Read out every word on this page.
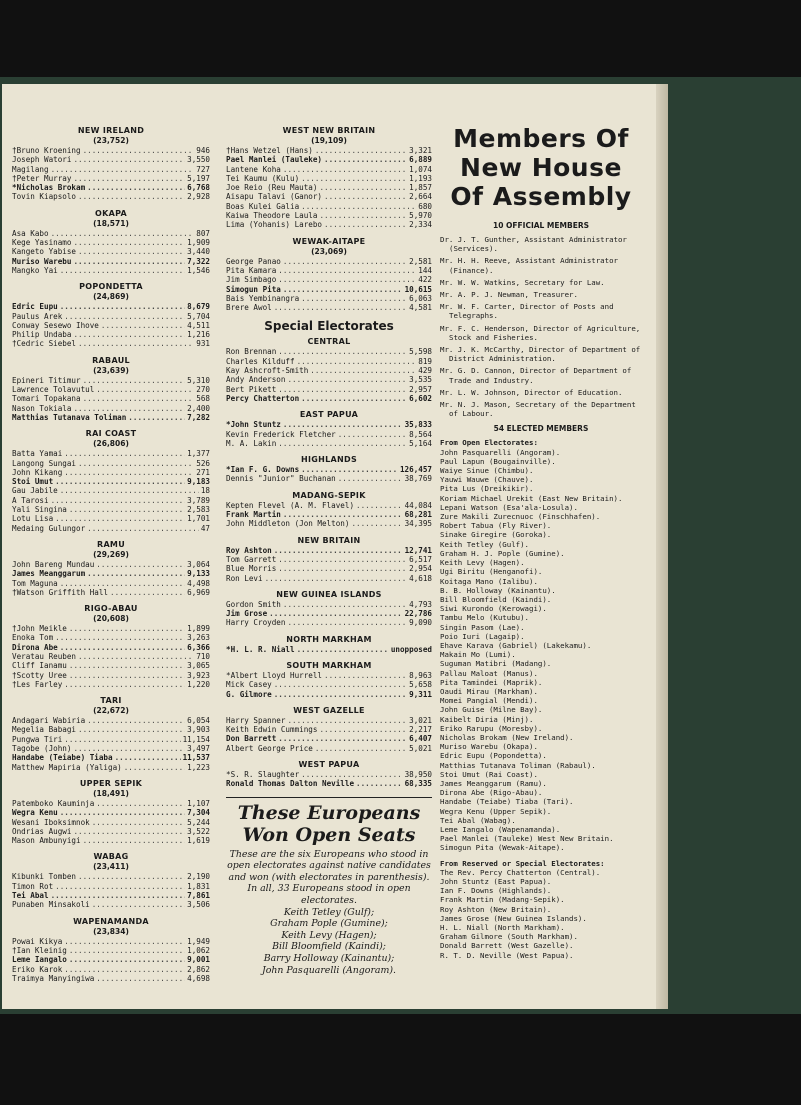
NEW IRELAND
(23,752)
†Bruno Kroening .....	946
Joseph Watori .....	3,550
Magilang .....	727
†Peter Murray .....	5,197
*Nicholas Brokam .....	6,768
Tovin Kiapsolo .....	2,928
OKAPA
(18,571)
Asa Kabo .....	807
Kege Yasinamo .....	1,909
Kangeto Yabise .....	3,440
Muriso Warebu .....	7,322
Mangko Yai .....	1,546
POPONDETTA
(24,869)
Edric Eupu .....	8,679
Paulus Arek .....	5,704
Conway Sesewo Ihove .....	4,511
Philip Undaba .....	1,216
†Cedric Siebel .....	931
RABAUL
(23,639)
Epineri Titimur .....	5,310
Lawrence Tolavutul .....	270
Tomari Topakana .....	568
Nason Tokiala .....	2,400
Matthias Tutanava Toliman .....	7,282
RAI COAST
(26,806)
Batta Yamai .....	1,377
Langong Sungai .....	526
John Kikang .....	271
Stoi Umut .....	9,183
Gau Jabile .....	18
A Tarosi .....	3,789
Yali Singina .....	2,583
Lotu Lisa .....	1,701
Medaing Gulungor .....	47
RAMU
(29,269)
John Bareng Mundau .....	3,064
James Meanggarum .....	9,133
Tom Maguna .....	4,498
†Watson Griffith Hall .....	6,969
RIGO-ABAU
(20,608)
†John Meikle .....	1,899
Enoka Tom .....	3,263
Dirona Abe .....	6,366
Veratau Reuben .....	710
Cliff Ianamu .....	3,065
†Scotty Uree .....	3,923
†Les Farley .....	1,220
TARI
(22,672)
Andagari Wabiria .....	6,054
Megelia Babagi .....	3,903
Pungwa Tiri .....	11,154
Tagobe (John) .....	3,497
Handabe (Teiabe) Tiaba .....	11,537
Matthew Mapiria (Yaliga) .....	1,223
UPPER SEPIK
(18,491)
Patemboko Kauminja .....	1,107
Wegra Kenu .....	7,304
Wesani Iboksimnok .....	5,244
Ondrias Augwi .....	3,522
Mason Ambunyigi .....	1,619
WABAG
(23,411)
Kibunki Tomben .....	2,190
Timon Rot .....	1,831
Tei Abal .....	7,861
Punaben Minsakoli .....	3,506
WAPENAMANDA
(23,834)
Powai Kikya .....	1,949
†Ian Kleinig .....	1,062
Leme Iangalo .....	9,001
Eriko Karok .....	2,862
Traimya Manyingiwa .....	4,698
WEST NEW BRITAIN
(19,109)
†Hans Wetzel (Hans) .....	3,321
Pael Manlei (Tauleke) .....	6,889
Lantene Koha .....	1,074
Tei Kaumu (Kulu) .....	1,193
Joe Reio (Reu Mauta) .....	1,857
Aisapu Talavi (Ganor) .....	2,664
Boas Kulei Galia .....	680
Kaiwa Theodore Laula .....	5,970
Lima (Yohanis) Larebo .....	2,334
WEWAK-AITAPE
(23,069)
George Panao .....	2,581
Pita Kamara .....	144
Jim Simbago .....	422
Simogun Pita .....	10,615
Bais Yembinangra .....	6,063
Brere Awol .....	4,581
Special Electorates
CENTRAL
Ron Brennan .....	5,598
Charles Kilduff .....	819
Kay Ashcroft-Smith .....	429
Andy Anderson .....	3,535
Bert Pikett .....	2,957
Percy Chatterton .....	6,602
EAST PAPUA
*John Stuntz .....	35,833
Kevin Frederick Fletcher .....	8,564
M. A. Lakin .....	5,164
HIGHLANDS
*Ian F. G. Downs .....	126,457
Dennis "Junior" Buchanan .....	38,769
MADANG-SEPIK
Kepten Flevel (A. M. Flavel) .....	44,084
Frank Martin .....	68,281
John Middleton (Jon Melton) .....	34,395
NEW BRITAIN
Roy Ashton .....	12,741
Tom Garrett .....	6,517
Blue Morris .....	2,954
Ron Levi .....	4,618
NEW GUINEA ISLANDS
Gordon Smith .....	4,793
Jim Grose .....	22,786
Harry Croyden .....	9,090
NORTH MARKHAM
*H. L. R. Niall .....	unopposed
SOUTH MARKHAM
*Albert Lloyd Hurrell .....	8,963
Mick Casey .....	5,658
G. Gilmore .....	9,311
WEST GAZELLE
Harry Spanner .....	3,021
Keith Edwin Cummings .....	2,217
Don Barrett .....	6,407
Albert George Price .....	5,021
WEST PAPUA
*S. R. Slaughter .....	38,950
Ronald Thomas Dalton Neville .....	68,335
These Europeans Won Open Seats
These are the six Europeans who stood in open electorates against native candidates and won (with electorates in parenthesis). In all, 33 Europeans stood in open electorates.
Keith Tetley (Gulf);
Graham Pople (Gumine);
Keith Levy (Hagen);
Bill Bloomfield (Kaindi);
Barry Holloway (Kainantu);
John Pasquarelli (Angoram).
Members Of New House Of Assembly
10 OFFICIAL MEMBERS
Dr. J. T. Gunther, Assistant Administrator (Services).
Mr. H. H. Reeve, Assistant Administrator (Finance).
Mr. W. W. Watkins, Secretary for Law.
Mr. A. P. J. Newman, Treasurer.
Mr. W. F. Carter, Director of Posts and Telegraphs.
Mr. F. C. Henderson, Director of Agriculture, Stock and Fisheries.
Mr. J. K. McCarthy, Director of Department of District Administration.
Mr. G. D. Cannon, Director of Department of Trade and Industry.
Mr. L. W. Johnson, Director of Education.
Mr. N. J. Mason, Secretary of the Department of Labour.
54 ELECTED MEMBERS
From Open Electorates:
John Pasquarelli (Angoram).
Paul Lapun (Bougainville).
Waiye Sinue (Chimbu).
Yauwi Wauwe (Chauve).
Pita Lus (Dreikikir).
Koriam Michael Urekit (East New Britain).
Lepani Watson (Esa'ala-Losula).
Zure Makili Zurecnuoc (Finschhafen).
Robert Tabua (Fly River).
Sinake Giregire (Goroka).
Keith Tetley (Gulf).
Graham H. J. Pople (Gumine).
Keith Levy (Hagen).
Ugi Biritu (Henganofi).
Koitaga Mano (Ialibu).
B. B. Holloway (Kainantu).
Bill Bloomfield (Kaindi).
Siwi Kurondo (Kerowagi).
Tambu Melo (Kutubu).
Singin Pasom (Lae).
Poio Iuri (Lagaip).
Ehave Karava (Gabriel) (Lakekamu).
Makain Mo (Lumi).
Suguman Matibri (Madang).
Pallau Maloat (Manus).
Pita Tamindei (Maprik).
Oaudi Mirau (Markham).
Momei Pangial (Mendi).
John Guise (Milne Bay).
Kaibelt Diria (Minj).
Eriko Rarupu (Moresby).
Nicholas Brokam (New Ireland).
Muriso Warebu (Okapa).
Edric Eupu (Popondetta).
Matthias Tutanava Toliman (Rabaul).
Stoi Umut (Rai Coast).
James Meanggarum (Ramu).
Dirona Abe (Rigo-Abau).
Handabe (Teiabe) Tiaba (Tari).
Wegra Kenu (Upper Sepik).
Tei Abal (Wabag).
Leme Iangalo (Wapenamanda).
Pael Manlei (Tauleke) West New Britain.
Simogun Pita (Wewak-Aitape).
From Reserved or Special Electorates:
The Rev. Percy Chatterton (Central).
John Stuntz (East Papua).
Ian F. Downs (Highlands).
Frank Martin (Madang-Sepik).
Roy Ashton (New Britain).
James Grose (New Guinea Islands).
H. L. Niall (North Markham).
Graham Gilmore (South Markham).
Donald Barrett (West Gazelle).
R. T. D. Neville (West Papua).
